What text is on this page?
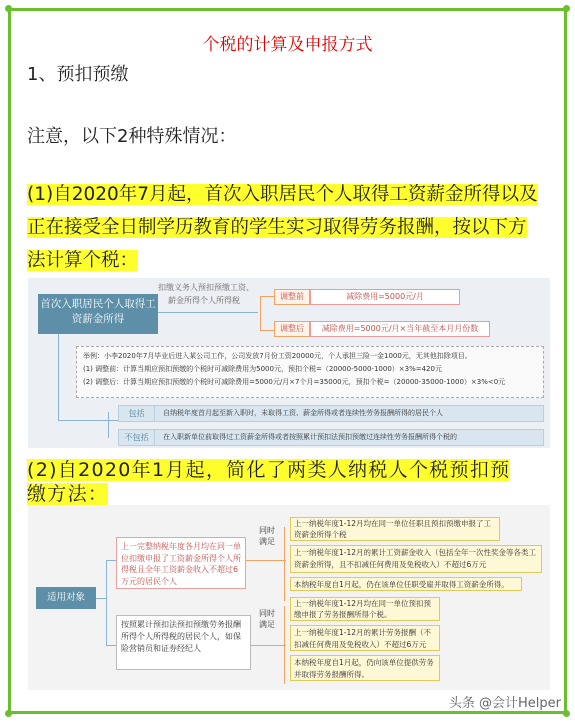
个税的计算及申报方式
1、预扣预缴
注意，以下2种特殊情况：
(1)自2020年7月起，首次入职居民个人取得工资薪金所得以及
正在接受全日制学历教育的学生实习取得劳务报酬，按以下方
法计算个税：
扣缴义务人预扣预缴工资、
薪金所得个人所得税
首次入职居民个人取得工资薪金所得
调整前	减除费用=5000元/月
调整后	减除费用=5000元/月×当年截至本月月份数
举例：小李2020年7月毕业后进入某公司工作，公司发放7月份工资20000元，个人承担三险一金1000元，无其他扣除项目。
(1) 调整前：计算当期应预扣预缴的个税时可减除费用为5000元，预扣个税=（20000-5000-1000）×3%=420元
(2) 调整后：计算当期应预扣预缴的个税时可减除费用=5000元/月×7个月=35000元，预扣个税=（20000-35000-1000）×3%<0元
包括	自纳税年度首月起至新入职时，未取得工资、薪金所得或者连续性劳务报酬所得的居民个人
不包括	在入职新单位前取得过工资薪金所得或者按照累计预扣法预扣预缴过连续性劳务报酬所得个税的
(2)自2020年1月起，简化了两类人纳税人个税预扣预
缴方法：
适用对象
上一完整纳税年度各月均在同一单位扣缴申报了工资薪金所得个人所得税且全年工资薪金收入不超过6万元的居民个人
按照累计预扣法预扣预缴劳务报酬所得个人所得税的居民个人，如保险营销员和证券经纪人
同时满足
同时满足
上一纳税年度1-12月均在同一单位任职且预扣预缴申报了工资薪金所得个税
上一纳税年度1-12月的累计工资薪金收入（包括全年一次性奖金等各类工资薪金所得，且不扣减任何费用及免税收入）不超过6万元
本纳税年度自1月起，仍在该单位任职受雇并取得工资薪金所得。
上一纳税年度1-12月均在同一单位预扣预缴申报了劳务报酬所得个税。
上一纳税年度1-12月的累计劳务报酬（不扣减任何费用及免税收入）不超过6万元
本纳税年度自1月起，仍向该单位提供劳务并取得劳务报酬所得。
头条 @会计Helper
